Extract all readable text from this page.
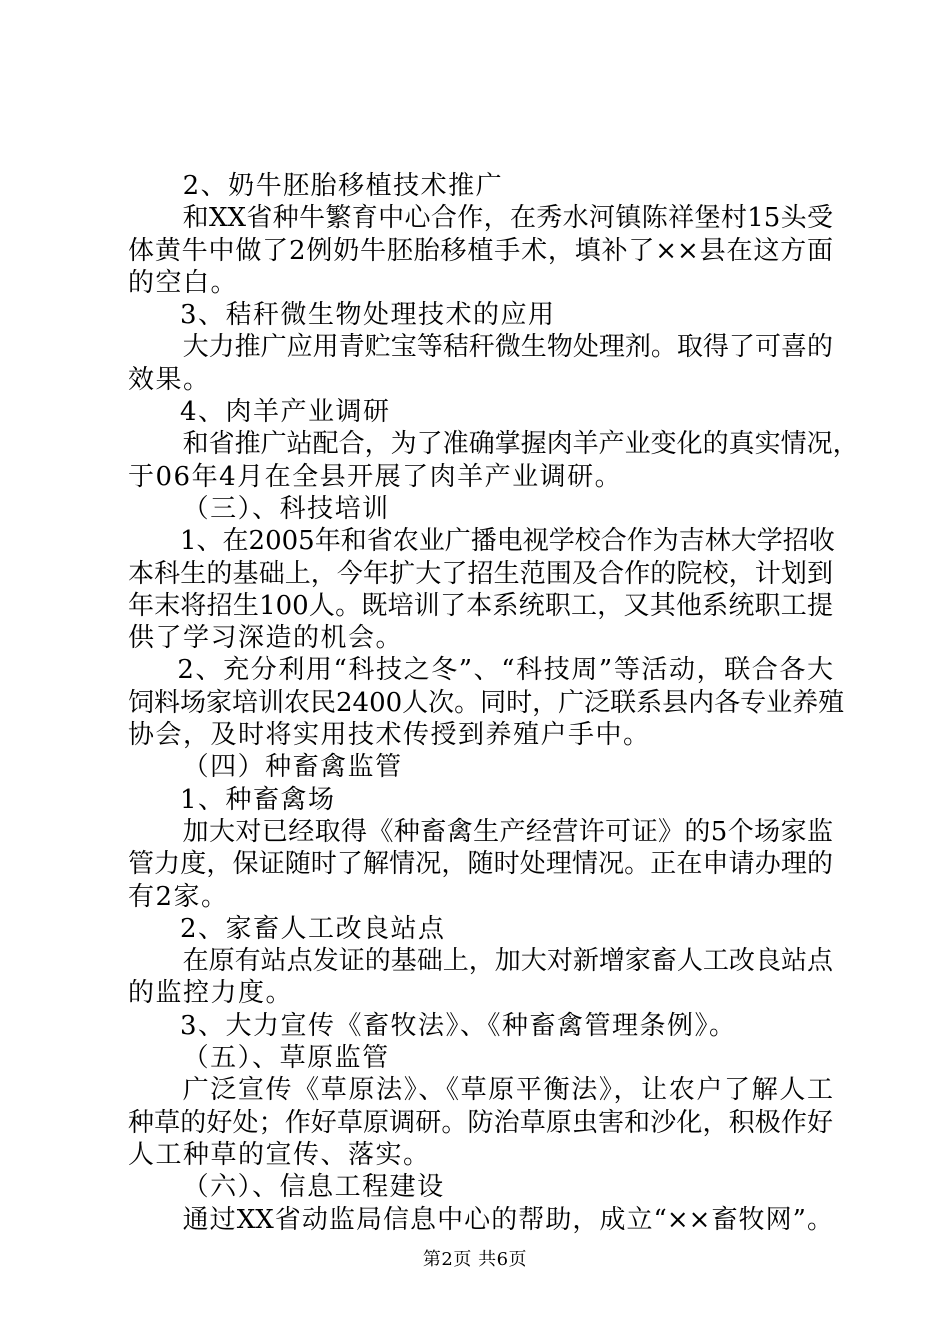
2、奶牛胚胎移植技术推广
和XX省种牛繁育中心合作，在秀水河镇陈祥堡村15头受
体黄牛中做了2例奶牛胚胎移植手术，填补了××县在这方面
的空白。
3、秸秆微生物处理技术的应用
大力推广应用青贮宝等秸秆微生物处理剂。取得了可喜的
效果。
4、肉羊产业调研
和省推广站配合，为了准确掌握肉羊产业变化的真实情况，
于06年4月在全县开展了肉羊产业调研。
（三）、科技培训
1、在2005年和省农业广播电视学校合作为吉林大学招收
本科生的基础上，今年扩大了招生范围及合作的院校，计划到
年末将招生100人。既培训了本系统职工，又其他系统职工提
供了学习深造的机会。
2、充分利用“科技之冬”、“科技周”等活动，联合各大
饲料场家培训农民2400人次。同时，广泛联系县内各专业养殖
协会，及时将实用技术传授到养殖户手中。
（四）种畜禽监管
1、种畜禽场
加大对已经取得《种畜禽生产经营许可证》的5个场家监
管力度，保证随时了解情况，随时处理情况。正在申请办理的
有2家。
2、家畜人工改良站点
在原有站点发证的基础上，加大对新增家畜人工改良站点
的监控力度。
3、大力宣传《畜牧法》、《种畜禽管理条例》。
（五）、草原监管
广泛宣传《草原法》、《草原平衡法》，让农户了解人工
种草的好处；作好草原调研。防治草原虫害和沙化，积极作好
人工种草的宣传、落实。
（六）、信息工程建设
通过XX省动监局信息中心的帮助，成立“××畜牧网”。
第2页 共6页
